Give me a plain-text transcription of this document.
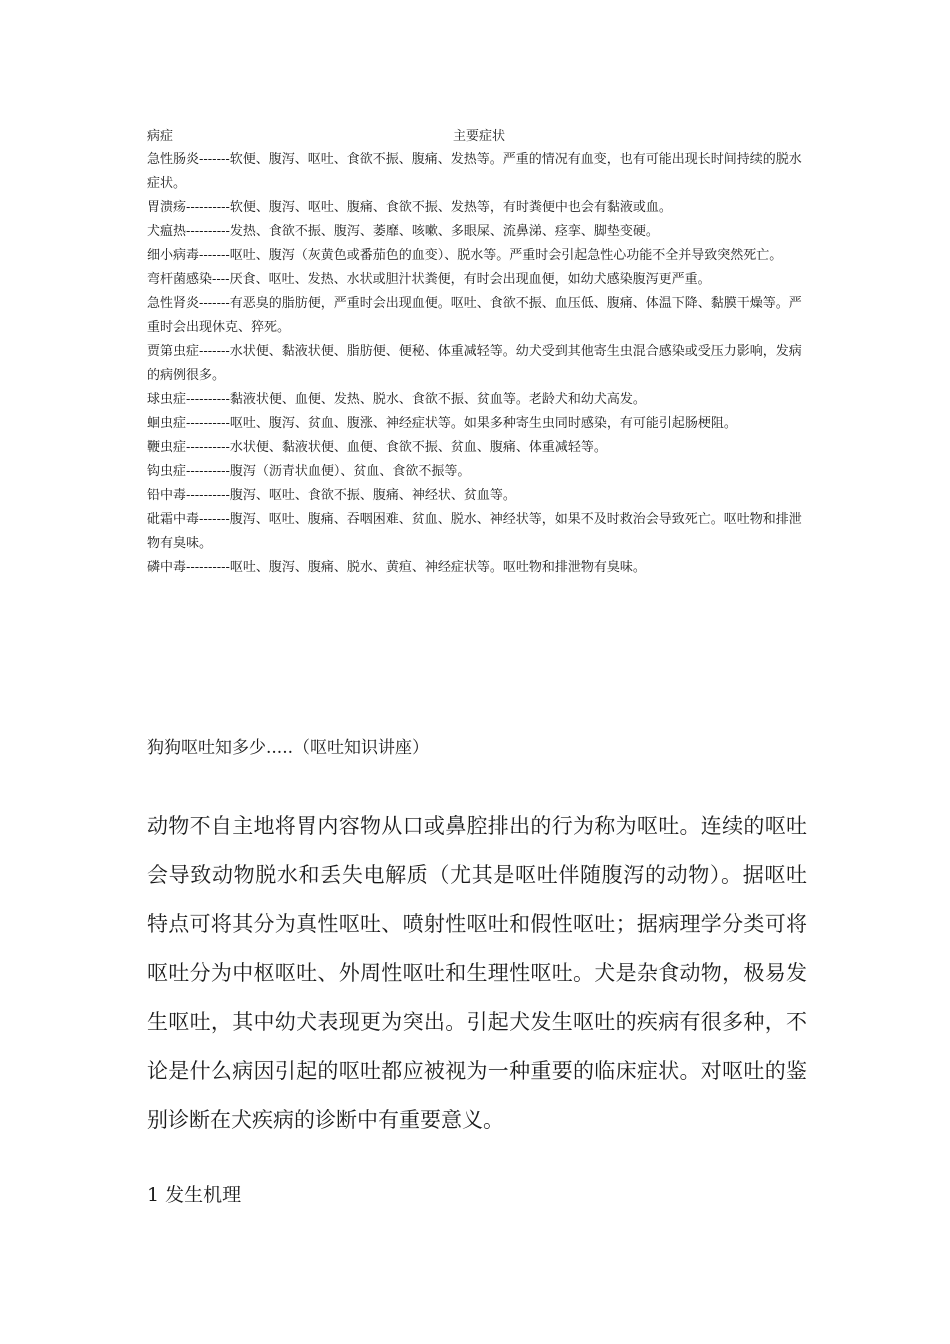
病症	主要症状

急性肠炎-------软便、腹泻、呕吐、食欲不振、腹痛、发热等。严重的情况有血变，也有可能出现长时间持续的脱水症状。

胃溃疡----------软便、腹泻、呕吐、腹痛、食欲不振、发热等，有时粪便中也会有黏液或血。

犬瘟热----------发热、食欲不振、腹泻、萎靡、咳嗽、多眼屎、流鼻涕、痉挛、脚垫变硬。

细小病毒-------呕吐、腹泻（灰黄色或番茄色的血变）、脱水等。严重时会引起急性心功能不全并导致突然死亡。

弯杆菌感染----厌食、呕吐、发热、水状或胆汁状粪便，有时会出现血便，如幼犬感染腹泻更严重。

急性肾炎-------有恶臭的脂肪便，严重时会出现血便。呕吐、食欲不振、血压低、腹痛、体温下降、黏膜干燥等。严重时会出现休克、猝死。

贾第虫症-------水状便、黏液状便、脂肪便、便秘、体重减轻等。幼犬受到其他寄生虫混合感染或受压力影响，发病的病例很多。

球虫症----------黏液状便、血便、发热、脱水、食欲不振、贫血等。老龄犬和幼犬高发。

蛔虫症----------呕吐、腹泻、贫血、腹涨、神经症状等。如果多种寄生虫同时感染，有可能引起肠梗阻。

鞭虫症----------水状便、黏液状便、血便、食欲不振、贫血、腹痛、体重减轻等。

钩虫症----------腹泻（沥青状血便）、贫血、食欲不振等。

铅中毒----------腹泻、呕吐、食欲不振、腹痛、神经状、贫血等。

砒霜中毒-------腹泻、呕吐、腹痛、吞咽困难、贫血、脱水、神经状等，如果不及时救治会导致死亡。呕吐物和排泄物有臭味。

磷中毒----------呕吐、腹泻、腹痛、脱水、黄疸、神经症状等。呕吐物和排泄物有臭味。

狗狗呕吐知多少.....（呕吐知识讲座）
动物不自主地将胃内容物从口或鼻腔排出的行为称为呕吐。连续的呕吐会导致动物脱水和丢失电解质（尤其是呕吐伴随腹泻的动物）。据呕吐特点可将其分为真性呕吐、喷射性呕吐和假性呕吐；据病理学分类可将呕吐分为中枢呕吐、外周性呕吐和生理性呕吐。犬是杂食动物，极易发生呕吐，其中幼犬表现更为突出。引起犬发生呕吐的疾病有很多种，不论是什么病因引起的呕吐都应被视为一种重要的临床症状。对呕吐的鉴别诊断在犬疾病的诊断中有重要意义。
1 发生机理
